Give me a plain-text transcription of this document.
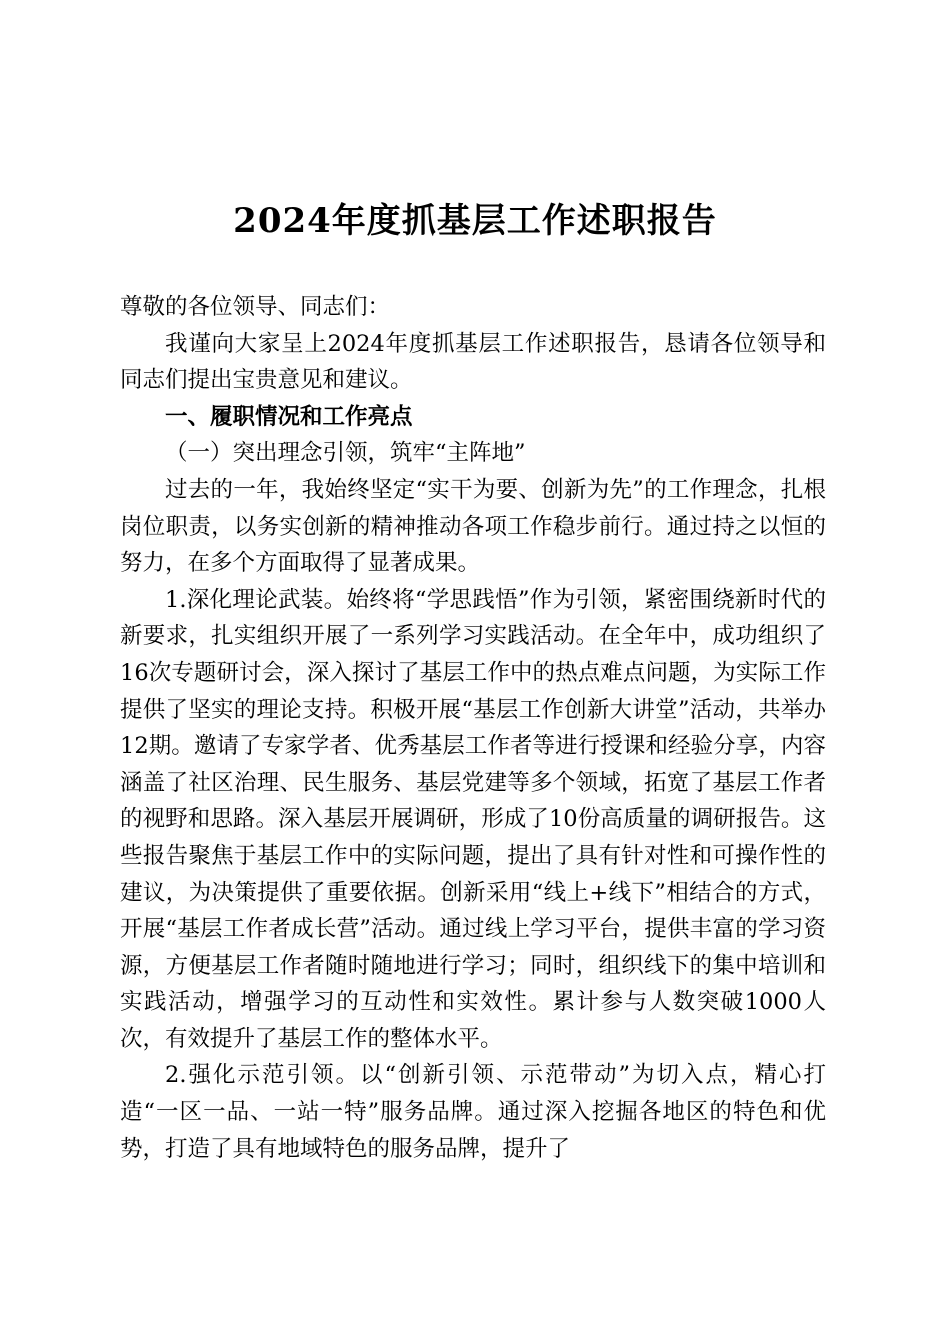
2024年度抓基层工作述职报告

尊敬的各位领导、同志们：

我谨向大家呈上2024年度抓基层工作述职报告，恳请各位领导和同志们提出宝贵意见和建议。

一、履职情况和工作亮点

（一）突出理念引领，筑牢“主阵地”

过去的一年，我始终坚定“实干为要、创新为先”的工作理念，扎根岗位职责，以务实创新的精神推动各项工作稳步前行。通过持之以恒的努力，在多个方面取得了显著成果。

1.深化理论武装。始终将“学思践悟”作为引领，紧密围绕新时代的新要求，扎实组织开展了一系列学习实践活动。在全年中，成功组织了16次专题研讨会，深入探讨了基层工作中的热点难点问题，为实际工作提供了坚实的理论支持。积极开展“基层工作创新大讲堂”活动，共举办12期。邀请了专家学者、优秀基层工作者等进行授课和经验分享，内容涵盖了社区治理、民生服务、基层党建等多个领域，拓宽了基层工作者的视野和思路。深入基层开展调研，形成了10份高质量的调研报告。这些报告聚焦于基层工作中的实际问题，提出了具有针对性和可操作性的建议，为决策提供了重要依据。创新采用“线上+线下”相结合的方式，开展“基层工作者成长营”活动。通过线上学习平台，提供丰富的学习资源，方便基层工作者随时随地进行学习；同时，组织线下的集中培训和实践活动，增强学习的互动性和实效性。累计参与人数突破1000人次，有效提升了基层工作的整体水平。

2.强化示范引领。以“创新引领、示范带动”为切入点，精心打造“一区一品、一站一特”服务品牌。通过深入挖掘各地区的特色和优势，打造了具有地域特色的服务品牌，提升了
